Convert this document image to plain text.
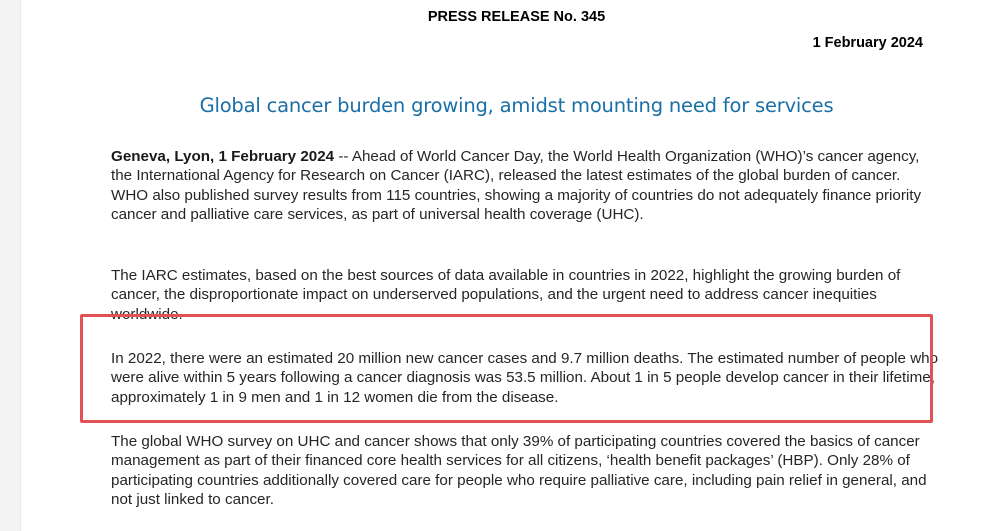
PRESS RELEASE No. 345
1 February 2024
Global cancer burden growing, amidst mounting need for services

Geneva, Lyon, 1 February 2024 -- Ahead of World Cancer Day, the World Health Organization (WHO)’s cancer agency, the International Agency for Research on Cancer (IARC), released the latest estimates of the global burden of cancer. WHO also published survey results from 115 countries, showing a majority of countries do not adequately finance priority cancer and palliative care services, as part of universal health coverage (UHC).

The IARC estimates, based on the best sources of data available in countries in 2022, highlight the growing burden of cancer, the disproportionate impact on underserved populations, and the urgent need to address cancer inequities worldwide.

In 2022, there were an estimated 20 million new cancer cases and 9.7 million deaths. The estimated number of people who were alive within 5 years following a cancer diagnosis was 53.5 million. About 1 in 5 people develop cancer in their lifetime, approximately 1 in 9 men and 1 in 12 women die from the disease.

The global WHO survey on UHC and cancer shows that only 39% of participating countries covered the basics of cancer management as part of their financed core health services for all citizens, ‘health benefit packages’ (HBP). Only 28% of participating countries additionally covered care for people who require palliative care, including pain relief in general, and not just linked to cancer.
